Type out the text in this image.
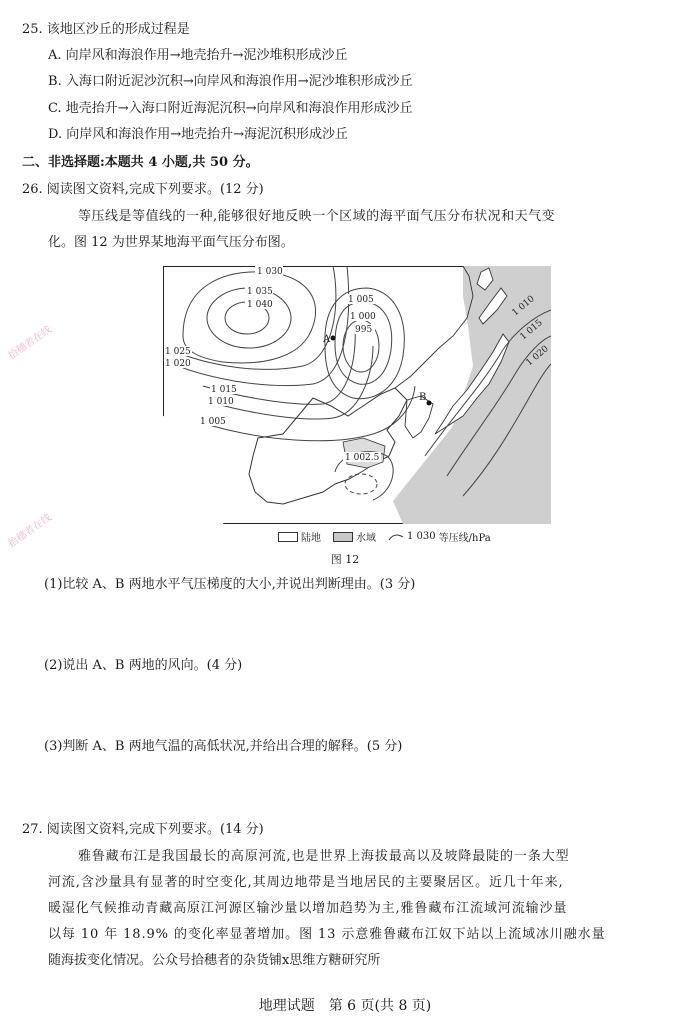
25. 该地区沙丘的形成过程是
A. 向岸风和海浪作用→地壳抬升→泥沙堆积形成沙丘
B. 入海口附近泥沙沉积→向岸风和海浪作用→泥沙堆积形成沙丘
C. 地壳抬升→入海口附近海泥沉积→向岸风和海浪作用形成沙丘
D. 向岸风和海浪作用→地壳抬升→海泥沉积形成沙丘
二、非选择题:本题共 4 小题,共 50 分。
26. 阅读图文资料,完成下列要求。(12 分)
等压线是等值线的一种,能够很好地反映一个区域的海平面气压分布状况和天气变
化。图 12 为世界某地海平面气压分布图。
1 030
1 035
1 040
1 025
1 020
1 015
1 010
1 005
1 005
1 000
995
1 002.5
1 010
1 015
1 020
A
B
陆地	水域	1 030 等压线/hPa
图 12
拾穗者在线
拾穗者在线
(1)比较 A、B 两地水平气压梯度的大小,并说出判断理由。(3 分)
(2)说出 A、B 两地的风向。(4 分)
(3)判断 A、B 两地气温的高低状况,并给出合理的解释。(5 分)
27. 阅读图文资料,完成下列要求。(14 分)
雅鲁藏布江是我国最长的高原河流,也是世界上海拔最高以及坡降最陡的一条大型
河流,含沙量具有显著的时空变化,其周边地带是当地居民的主要聚居区。近几十年来,
暖湿化气候推动青藏高原江河源区输沙量以增加趋势为主,雅鲁藏布江流域河流输沙量
以每 10 年 18.9% 的变化率显著增加。图 13 示意雅鲁藏布江奴下站以上流域冰川融水量
随海拔变化情况。公众号拾穗者的杂货铺x思维方糖研究所
地理试题　第 6 页(共 8 页)
